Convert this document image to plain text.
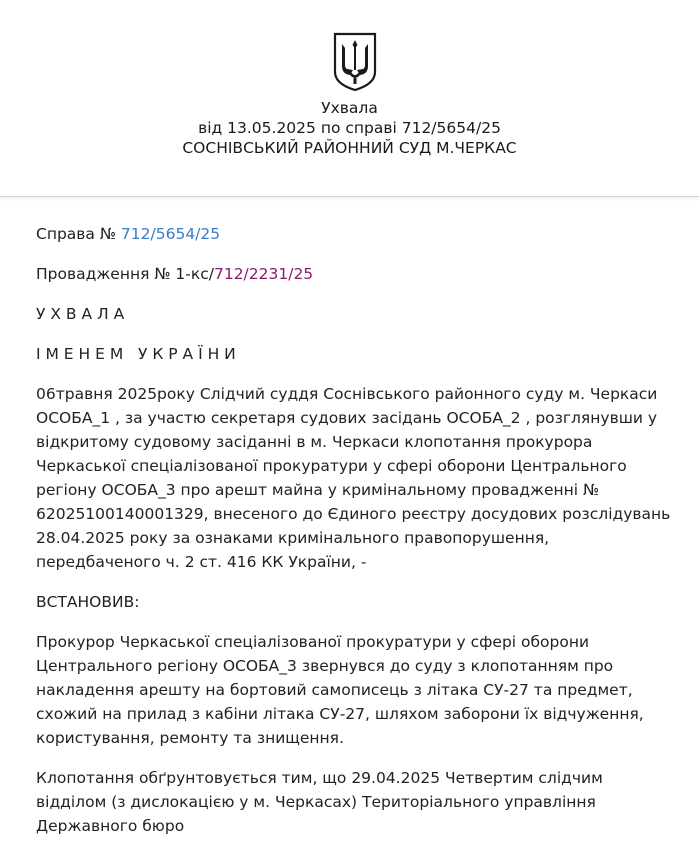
Ухвала
від 13.05.2025 по справі 712/5654/25
СОСНІВСЬКИЙ РАЙОННИЙ СУД М.ЧЕРКАС

Справа № 712/5654/25

Провадження № 1-кс/712/2231/25

У Х В А Л А

І М Е Н Е М   У К Р А Ї Н И

06травня 2025року Слідчий суддя Соснівського районного суду м. Черкаси ОСОБА_1 , за участю секретаря судових засідань ОСОБА_2 , розглянувши у відкритому судовому засіданні в м. Черкаси клопотання прокурора Черкаської спеціалізованої прокуратури у сфері оборони Центрального регіону ОСОБА_3 про арешт майна у кримінальному провадженні № 62025100140001329, внесеного до Єдиного реєстру досудових розслідувань 28.04.2025 року за ознаками кримінального правопорушення, передбаченого ч. 2 ст. 416 КК України, -

ВСТАНОВИВ:

Прокурор Черкаської спеціалізованої прокуратури у сфері оборони Центрального регіону ОСОБА_3 звернувся до суду з клопотанням про накладення арешту на бортовий самописець з літака СУ-27 та предмет, схожий на прилад з кабіни літака СУ-27, шляхом заборони їх відчуження, користування, ремонту та знищення.

Клопотання обґрунтовується тим, що 29.04.2025 Четвертим слідчим відділом (з дислокацією у м. Черкасах) Територіального управління Державного бюро
